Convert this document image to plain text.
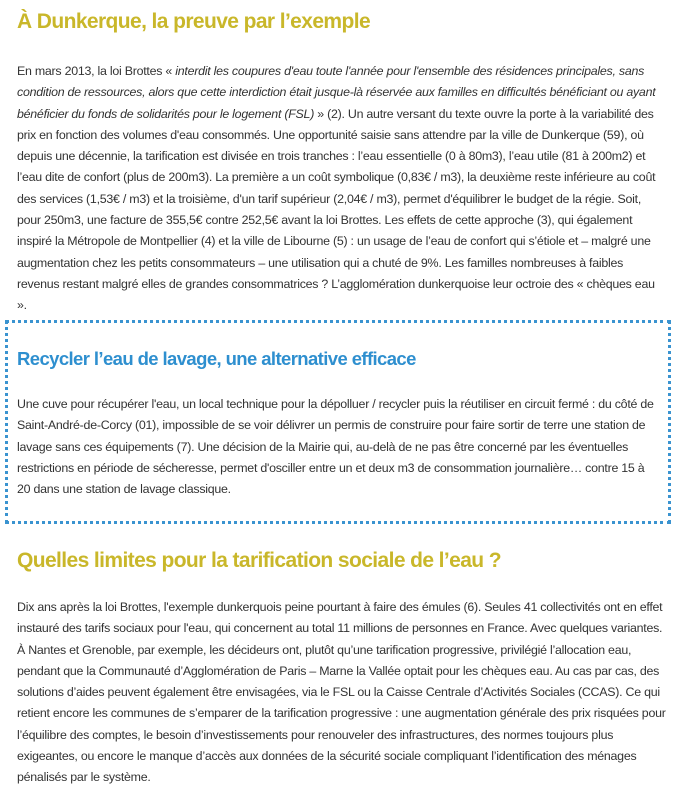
À Dunkerque, la preuve par l’exemple

En mars 2013, la loi Brottes « interdit les coupures d'eau toute l'année pour l'ensemble des résidences principales, sans condition de ressources, alors que cette interdiction était jusque-là réservée aux familles en difficultés bénéficiant ou ayant bénéficier du fonds de solidarités pour le logement (FSL) » (2). Un autre versant du texte ouvre la porte à la variabilité des prix en fonction des volumes d'eau consommés. Une opportunité saisie sans attendre par la ville de Dunkerque (59), où depuis une décennie, la tarification est divisée en trois tranches : l’eau essentielle (0 à 80m3), l’eau utile (81 à 200m2) et l’eau dite de confort (plus de 200m3). La première a un coût symbolique (0,83€ / m3), la deuxième reste inférieure au coût des services (1,53€ / m3) et la troisième, d'un tarif supérieur (2,04€ / m3), permet d'équilibrer le budget de la régie. Soit, pour 250m3, une facture de 355,5€ contre 252,5€ avant la loi Brottes. Les effets de cette approche (3), qui également inspiré la Métropole de Montpellier (4) et la ville de Libourne (5) : un usage de l’eau de confort qui s’étiole et – malgré une augmentation chez les petits consommateurs – une utilisation qui a chuté de 9%. Les familles nombreuses à faibles revenus restant malgré elles de grandes consommatrices ? L’agglomération dunkerquoise leur octroie des « chèques eau ».

Recycler l’eau de lavage, une alternative efficace

Une cuve pour récupérer l'eau, un local technique pour la dépolluer / recycler puis la réutiliser en circuit fermé : du côté de Saint-André-de-Corcy (01), impossible de se voir délivrer un permis de construire pour faire sortir de terre une station de lavage sans ces équipements (7). Une décision de la Mairie qui, au-delà de ne pas être concerné par les éventuelles restrictions en période de sécheresse, permet d'osciller entre un et deux m3 de consommation journalière… contre 15 à 20 dans une station de lavage classique.

Quelles limites pour la tarification sociale de l’eau ?

Dix ans après la loi Brottes, l'exemple dunkerquois peine pourtant à faire des émules (6). Seules 41 collectivités ont en effet instauré des tarifs sociaux pour l'eau, qui concernent au total 11 millions de personnes en France. Avec quelques variantes. À Nantes et Grenoble, par exemple, les décideurs ont, plutôt qu’une tarification progressive, privilégié l’allocation eau, pendant que la Communauté d’Agglomération de Paris – Marne la Vallée optait pour les chèques eau. Au cas par cas, des solutions d’aides peuvent également être envisagées, via le FSL ou la Caisse Centrale d’Activités Sociales (CCAS). Ce qui retient encore les communes de s’emparer de la tarification progressive : une augmentation générale des prix risquées pour l’équilibre des comptes, le besoin d’investissements pour renouveler des infrastructures, des normes toujours plus exigeantes, ou encore le manque d’accès aux données de la sécurité sociale compliquant l’identification des ménages pénalisés par le système.
